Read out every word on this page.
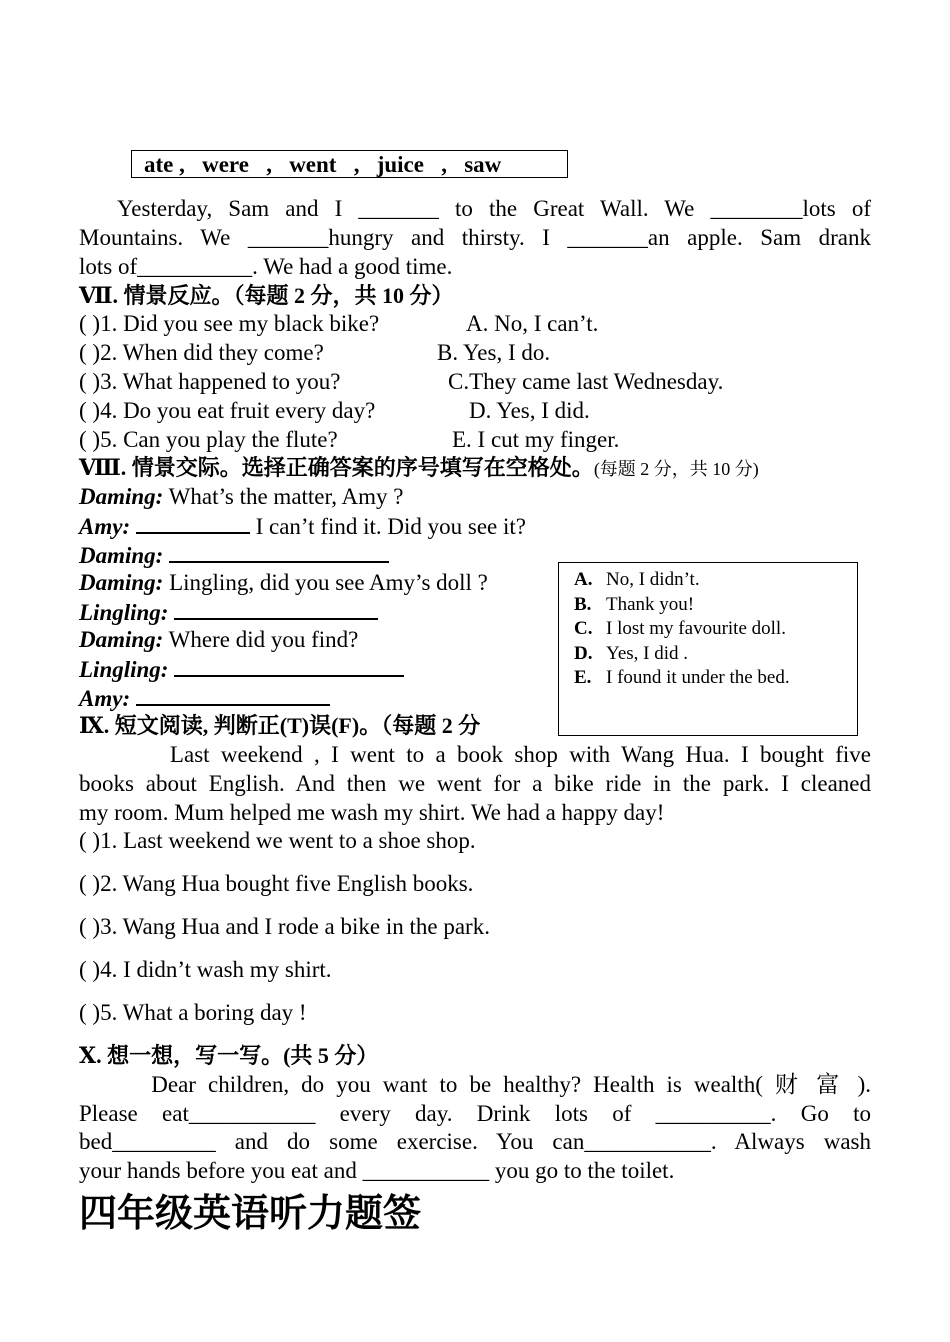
ate ,   were   ,   went   ,   juice   ,   saw
Yesterday, Sam and I _______ to the Great Wall. We ________lots of
Mountains. We _______hungry and thirsty. I _______an apple. Sam drank
lots of__________. We had a good time.
Ⅶ. 情景反应。（每题 2 分，共 10 分）
( )1. Did you see my black bike?	A. No, I can’t.
( )2. When did they come?	B. Yes, I do.
( )3. What happened to you?	C.They came last Wednesday.
( )4. Do you eat fruit every day?	D. Yes, I did.
( )5. Can you play the flute?	E. I cut my finger.
Ⅷ. 情景交际。选择正确答案的序号填写在空格处。(每题 2 分，共 10 分)
Daming: What’s the matter, Amy ?
Amy:	I can’t find it. Did you see it?
Daming:
Daming: Lingling, did you see Amy’s doll ?
Lingling:
Daming: Where did you find?
Lingling:
Amy:
Ⅸ. 短文阅读, 判断正(T)误(F)。（每题 2 分
A. No, I didn’t.
B. Thank you!
C. I lost my favourite doll.
D. Yes, I did .
E. I found it under the bed.
Last weekend , I went to a book shop with Wang Hua. I bought five
books about English. And then we went for a bike ride in the park. I cleaned
my room. Mum helped me wash my shirt. We had a happy day!
( )1. Last weekend we went to a shoe shop.
( )2. Wang Hua bought five English books.
( )3. Wang Hua and I rode a bike in the park.
( )4. I didn’t wash my shirt.
( )5. What a boring day !
Ⅹ. 想一想，写一写。(共 5 分）
Dear children, do you want to be healthy? Health is wealth( 财 富 ).
Please eat___________ every day. Drink lots of __________. Go to
bed_________ and do some exercise. You can___________. Always wash
your hands before you eat and ___________ you go to the toilet.
四年级英语听力题签
